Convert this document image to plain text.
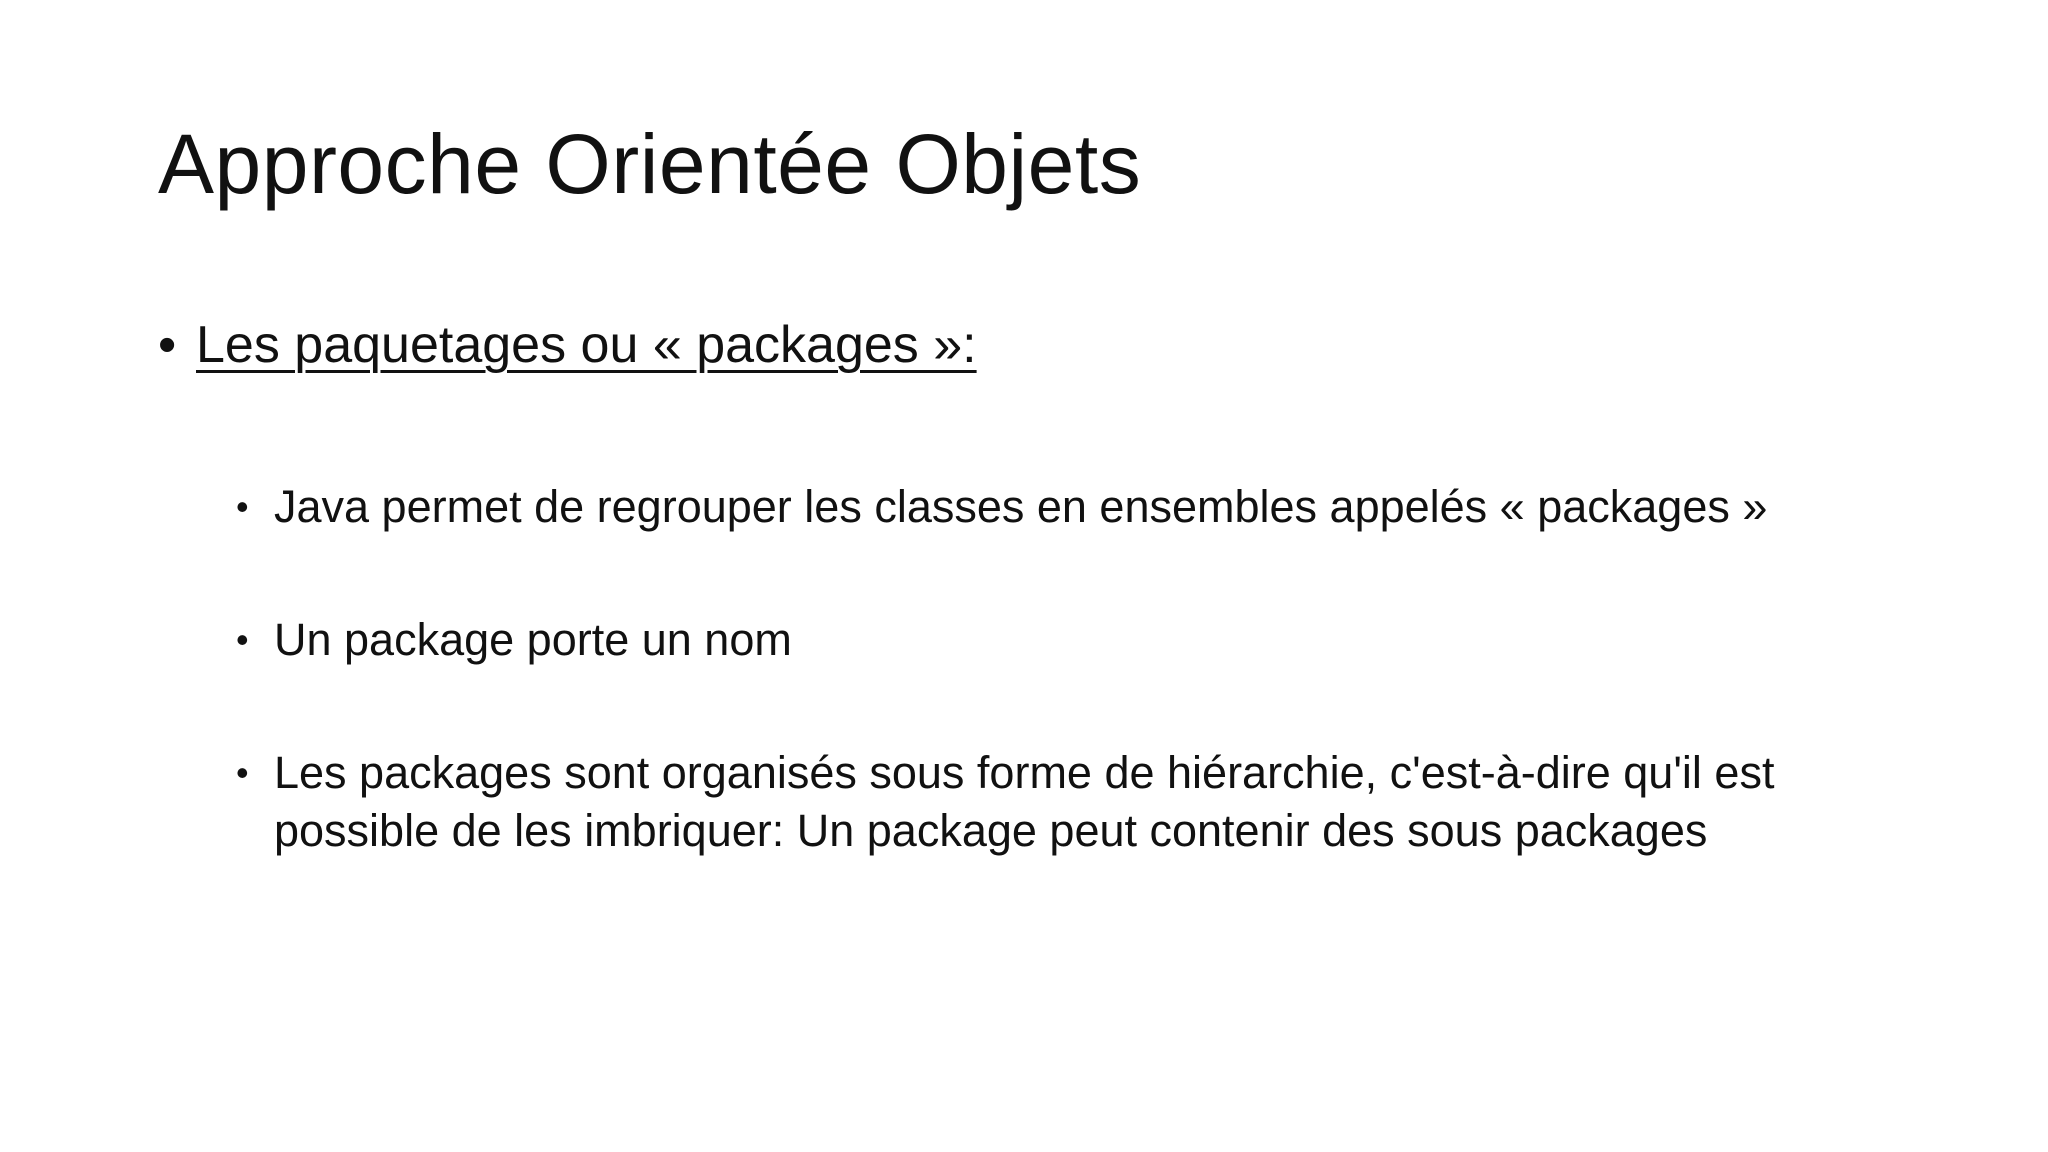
Approche Orientée Objets
• Les paquetages ou « packages »:
• Java permet de regrouper les classes en ensembles appelés « packages »
• Un package porte un nom
• Les packages sont organisés sous forme de hiérarchie, c'est-à-dire qu'il est possible de les imbriquer: Un package peut contenir des sous packages
